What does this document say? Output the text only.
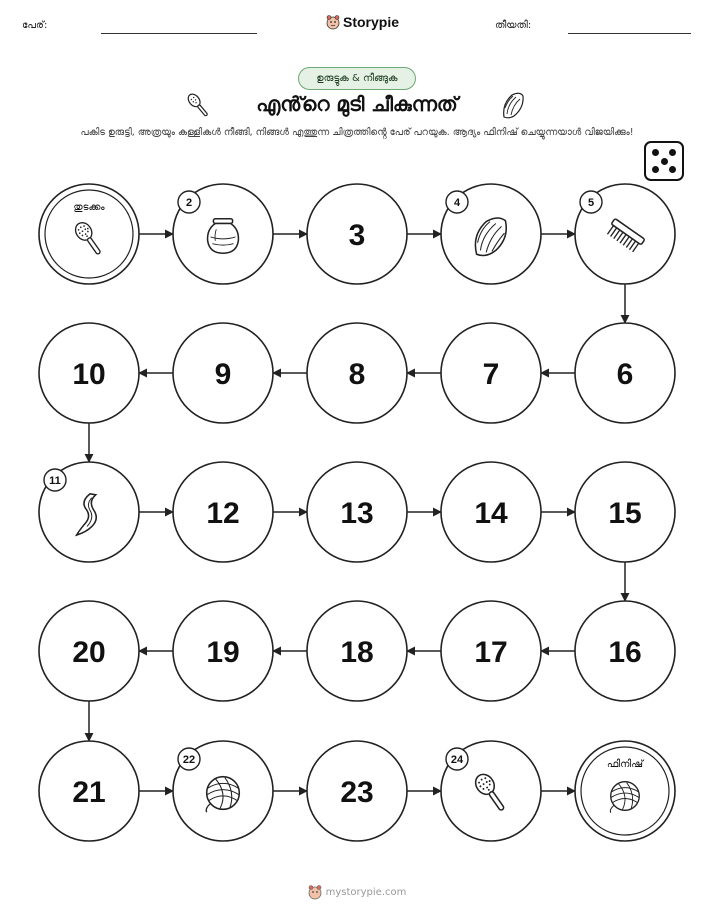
പേര്:	Storypie	തീയതി:
ഉരുട്ടുക & നീങ്ങുക
എൻ്‍റെ മുടി ചീകുന്നത്
പകിട ഉരുട്ടി, അത്രയും കള്ളികൾ നീങ്ങി, നിങ്ങൾ എത്തുന്ന ചിത്രത്തിൻ്റെ പേര് പറയുക. ആദ്യം ഫിനിഷ് ചെയ്യുന്നയാൾ വിജയിക്കും!
തുടക്കം	2
3
4	5
6
7
8
9
10
11
12	13	14	15
16
17
18
19
20
21
22
23
24	ഫിനിഷ്
mystorypie.com
